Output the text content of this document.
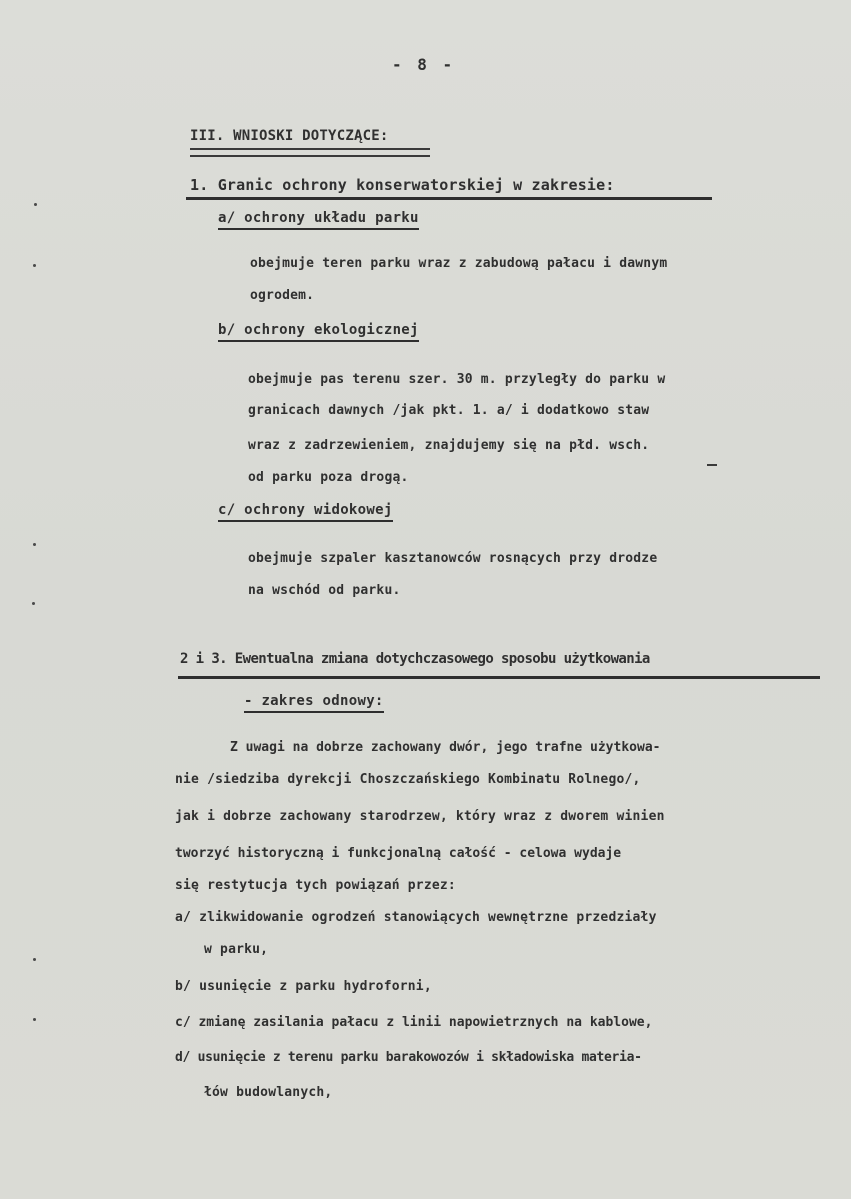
- 8 -
III. WNIOSKI DOTYCZĄCE:
1. Granic ochrony konserwatorskiej w zakresie:
a/ ochrony układu parku
obejmuje teren parku wraz z zabudową pałacu i dawnym
ogrodem.
b/ ochrony ekologicznej
obejmuje pas terenu szer. 30 m. przyległy do parku w
granicach dawnych /jak pkt. 1. a/ i dodatkowo staw
wraz z zadrzewieniem, znajdujemy się na płd. wsch.
od parku poza drogą.
c/ ochrony widokowej
obejmuje szpaler kasztanowców rosnących przy drodze
na wschód od parku.
2 i 3. Ewentualna zmiana dotychczasowego sposobu użytkowania
- zakres odnowy:
Z uwagi na dobrze zachowany dwór, jego trafne użytkowa-
nie /siedziba dyrekcji Choszczańskiego Kombinatu Rolnego/,
jak i dobrze zachowany starodrzew, który wraz z dworem winien
tworzyć historyczną i funkcjonalną całość - celowa wydaje
się restytucja tych powiązań przez:
a/ zlikwidowanie ogrodzeń stanowiących wewnętrzne przedziały
w parku,
b/ usunięcie z parku hydroforni,
c/ zmianę zasilania pałacu z linii napowietrznych na kablowe,
d/ usunięcie z terenu parku barakowozów i składowiska materia-
łów budowlanych,
